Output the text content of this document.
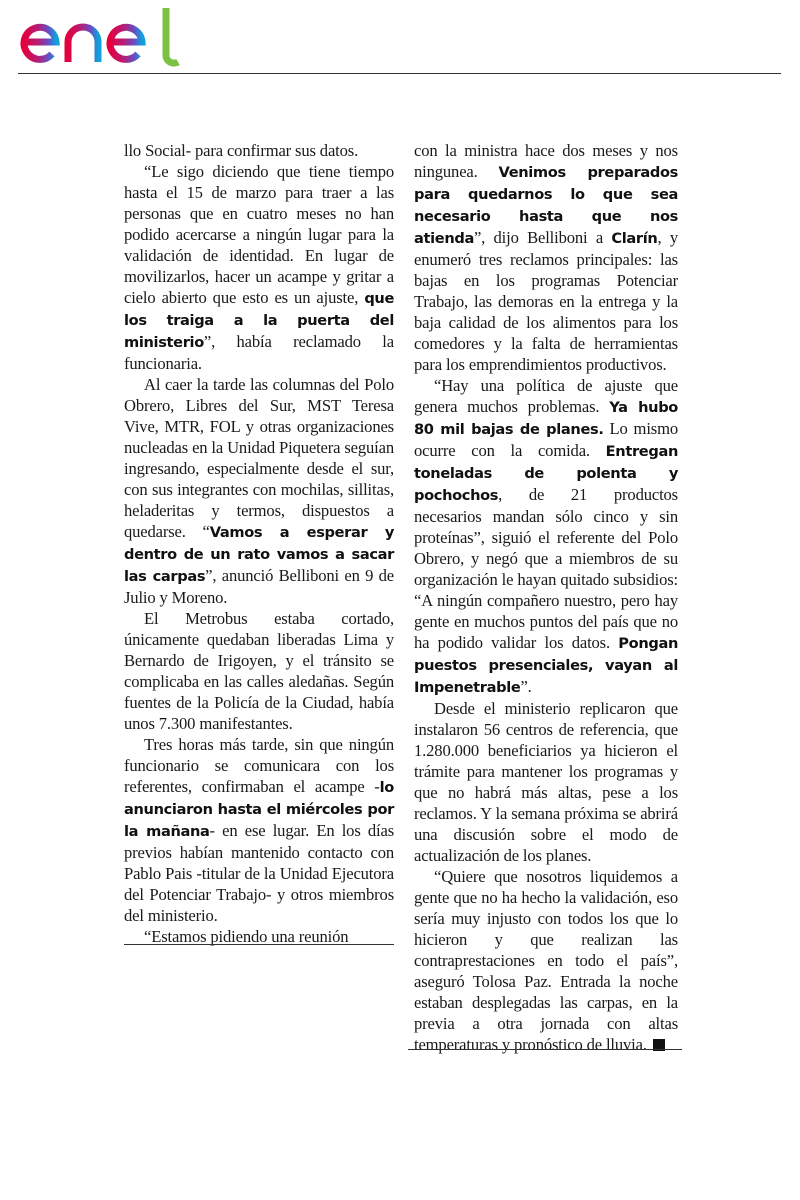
llo Social- para confirmar sus datos.

“Le sigo diciendo que tiene tiempo hasta el 15 de marzo para traer a las personas que en cuatro meses no han podido acercarse a ningún lugar para la validación de identidad. En lugar de movilizarlos, hacer un acampe y gritar a cielo abierto que esto es un ajuste, que los traiga a la puerta del ministerio”, había reclamado la funcionaria.

Al caer la tarde las columnas del Polo Obrero, Libres del Sur, MST Teresa Vive, MTR, FOL y otras organizaciones nucleadas en la Unidad Piquetera seguían ingresando, especialmente desde el sur, con sus integrantes con mochilas, sillitas, heladeritas y termos, dispuestos a quedarse. “Vamos a esperar y dentro de un rato vamos a sacar las carpas”, anunció Belliboni en 9 de Julio y Moreno.

El Metrobus estaba cortado, únicamente quedaban liberadas Lima y Bernardo de Irigoyen, y el tránsito se complicaba en las calles aledañas. Según fuentes de la Policía de la Ciudad, había unos 7.300 manifestantes.

Tres horas más tarde, sin que ningún funcionario se comunicara con los referentes, confirmaban el acampe -lo anunciaron hasta el miércoles por la mañana- en ese lugar. En los días previos habían mantenido contacto con Pablo Pais -titular de la Unidad Ejecutora del Potenciar Trabajo- y otros miembros del ministerio.

“Estamos pidiendo una reunión

con la ministra hace dos meses y nos ningunea. Venimos preparados para quedarnos lo que sea necesario hasta que nos atienda”, dijo Belliboni a Clarín, y enumeró tres reclamos principales: las bajas en los programas Potenciar Trabajo, las demoras en la entrega y la baja calidad de los alimentos para los comedores y la falta de herramientas para los emprendimientos productivos.

“Hay una política de ajuste que genera muchos problemas. Ya hubo 80 mil bajas de planes. Lo mismo ocurre con la comida. Entregan toneladas de polenta y pochochos, de 21 productos necesarios mandan sólo cinco y sin proteínas”, siguió el referente del Polo Obrero, y negó que a miembros de su organización le hayan quitado subsidios: “A ningún compañero nuestro, pero hay gente en muchos puntos del país que no ha podido validar los datos. Pongan puestos presenciales, vayan al Impenetrable”.

Desde el ministerio replicaron que instalaron 56 centros de referencia, que 1.280.000 beneficiarios ya hicieron el trámite para mantener los programas y que no habrá más altas, pese a los reclamos. Y la semana próxima se abrirá una discusión sobre el modo de actualización de los planes.

“Quiere que nosotros liquidemos a gente que no ha hecho la validación, eso sería muy injusto con todos los que lo hicieron y que realizan las contraprestaciones en todo el país”, aseguró Tolosa Paz. Entrada la noche estaban desplegadas las carpas, en la previa a otra jornada con altas temperaturas y pronóstico de lluvia.
